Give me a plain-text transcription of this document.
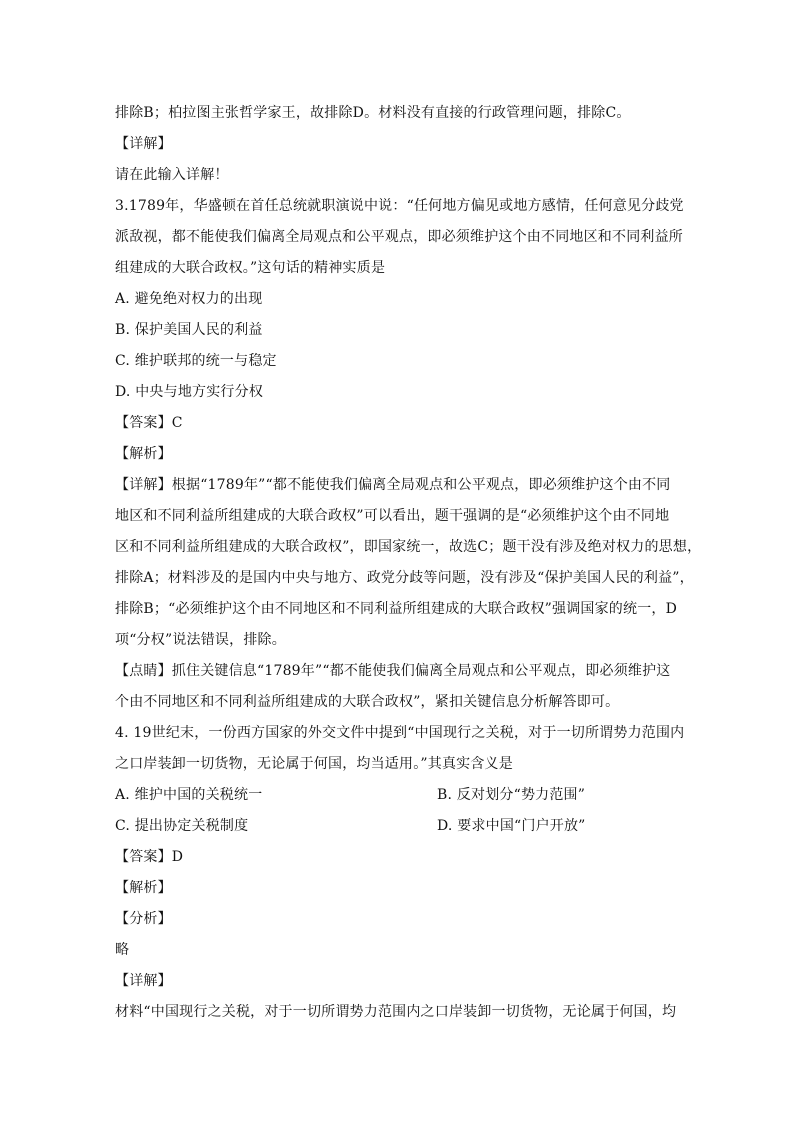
排除B；柏拉图主张哲学家王，故排除D。材料没有直接的行政管理问题，排除C。
【详解】
请在此输入详解！
3.1789年，华盛顿在首任总统就职演说中说：“任何地方偏见或地方感情，任何意见分歧党
派敌视，都不能使我们偏离全局观点和公平观点，即必须维护这个由不同地区和不同利益所
组建成的大联合政权。”这句话的精神实质是
A. 避免绝对权力的出现
B. 保护美国人民的利益
C. 维护联邦的统一与稳定
D. 中央与地方实行分权
【答案】C
【解析】
【详解】根据“1789年”“都不能使我们偏离全局观点和公平观点，即必须维护这个由不同
地区和不同利益所组建成的大联合政权”可以看出，题干强调的是“必须维护这个由不同地
区和不同利益所组建成的大联合政权”，即国家统一，故选C；题干没有涉及绝对权力的思想，
排除A；材料涉及的是国内中央与地方、政党分歧等问题，没有涉及“保护美国人民的利益”，
排除B；“必须维护这个由不同地区和不同利益所组建成的大联合政权”强调国家的统一，D
项“分权”说法错误，排除。
【点睛】抓住关键信息“1789年”“都不能使我们偏离全局观点和公平观点，即必须维护这
个由不同地区和不同利益所组建成的大联合政权”，紧扣关键信息分析解答即可。
4. 19世纪末，一份西方国家的外交文件中提到“中国现行之关税，对于一切所谓势力范围内
之口岸装卸一切货物，无论属于何国，均当适用。”其真实含义是
A. 维护中国的关税统一	B. 反对划分“势力范围”
C. 提出协定关税制度	D. 要求中国“门户开放”
【答案】D
【解析】
【分析】
略
【详解】
材料“中国现行之关税，对于一切所谓势力范围内之口岸装卸一切货物，无论属于何国，均
